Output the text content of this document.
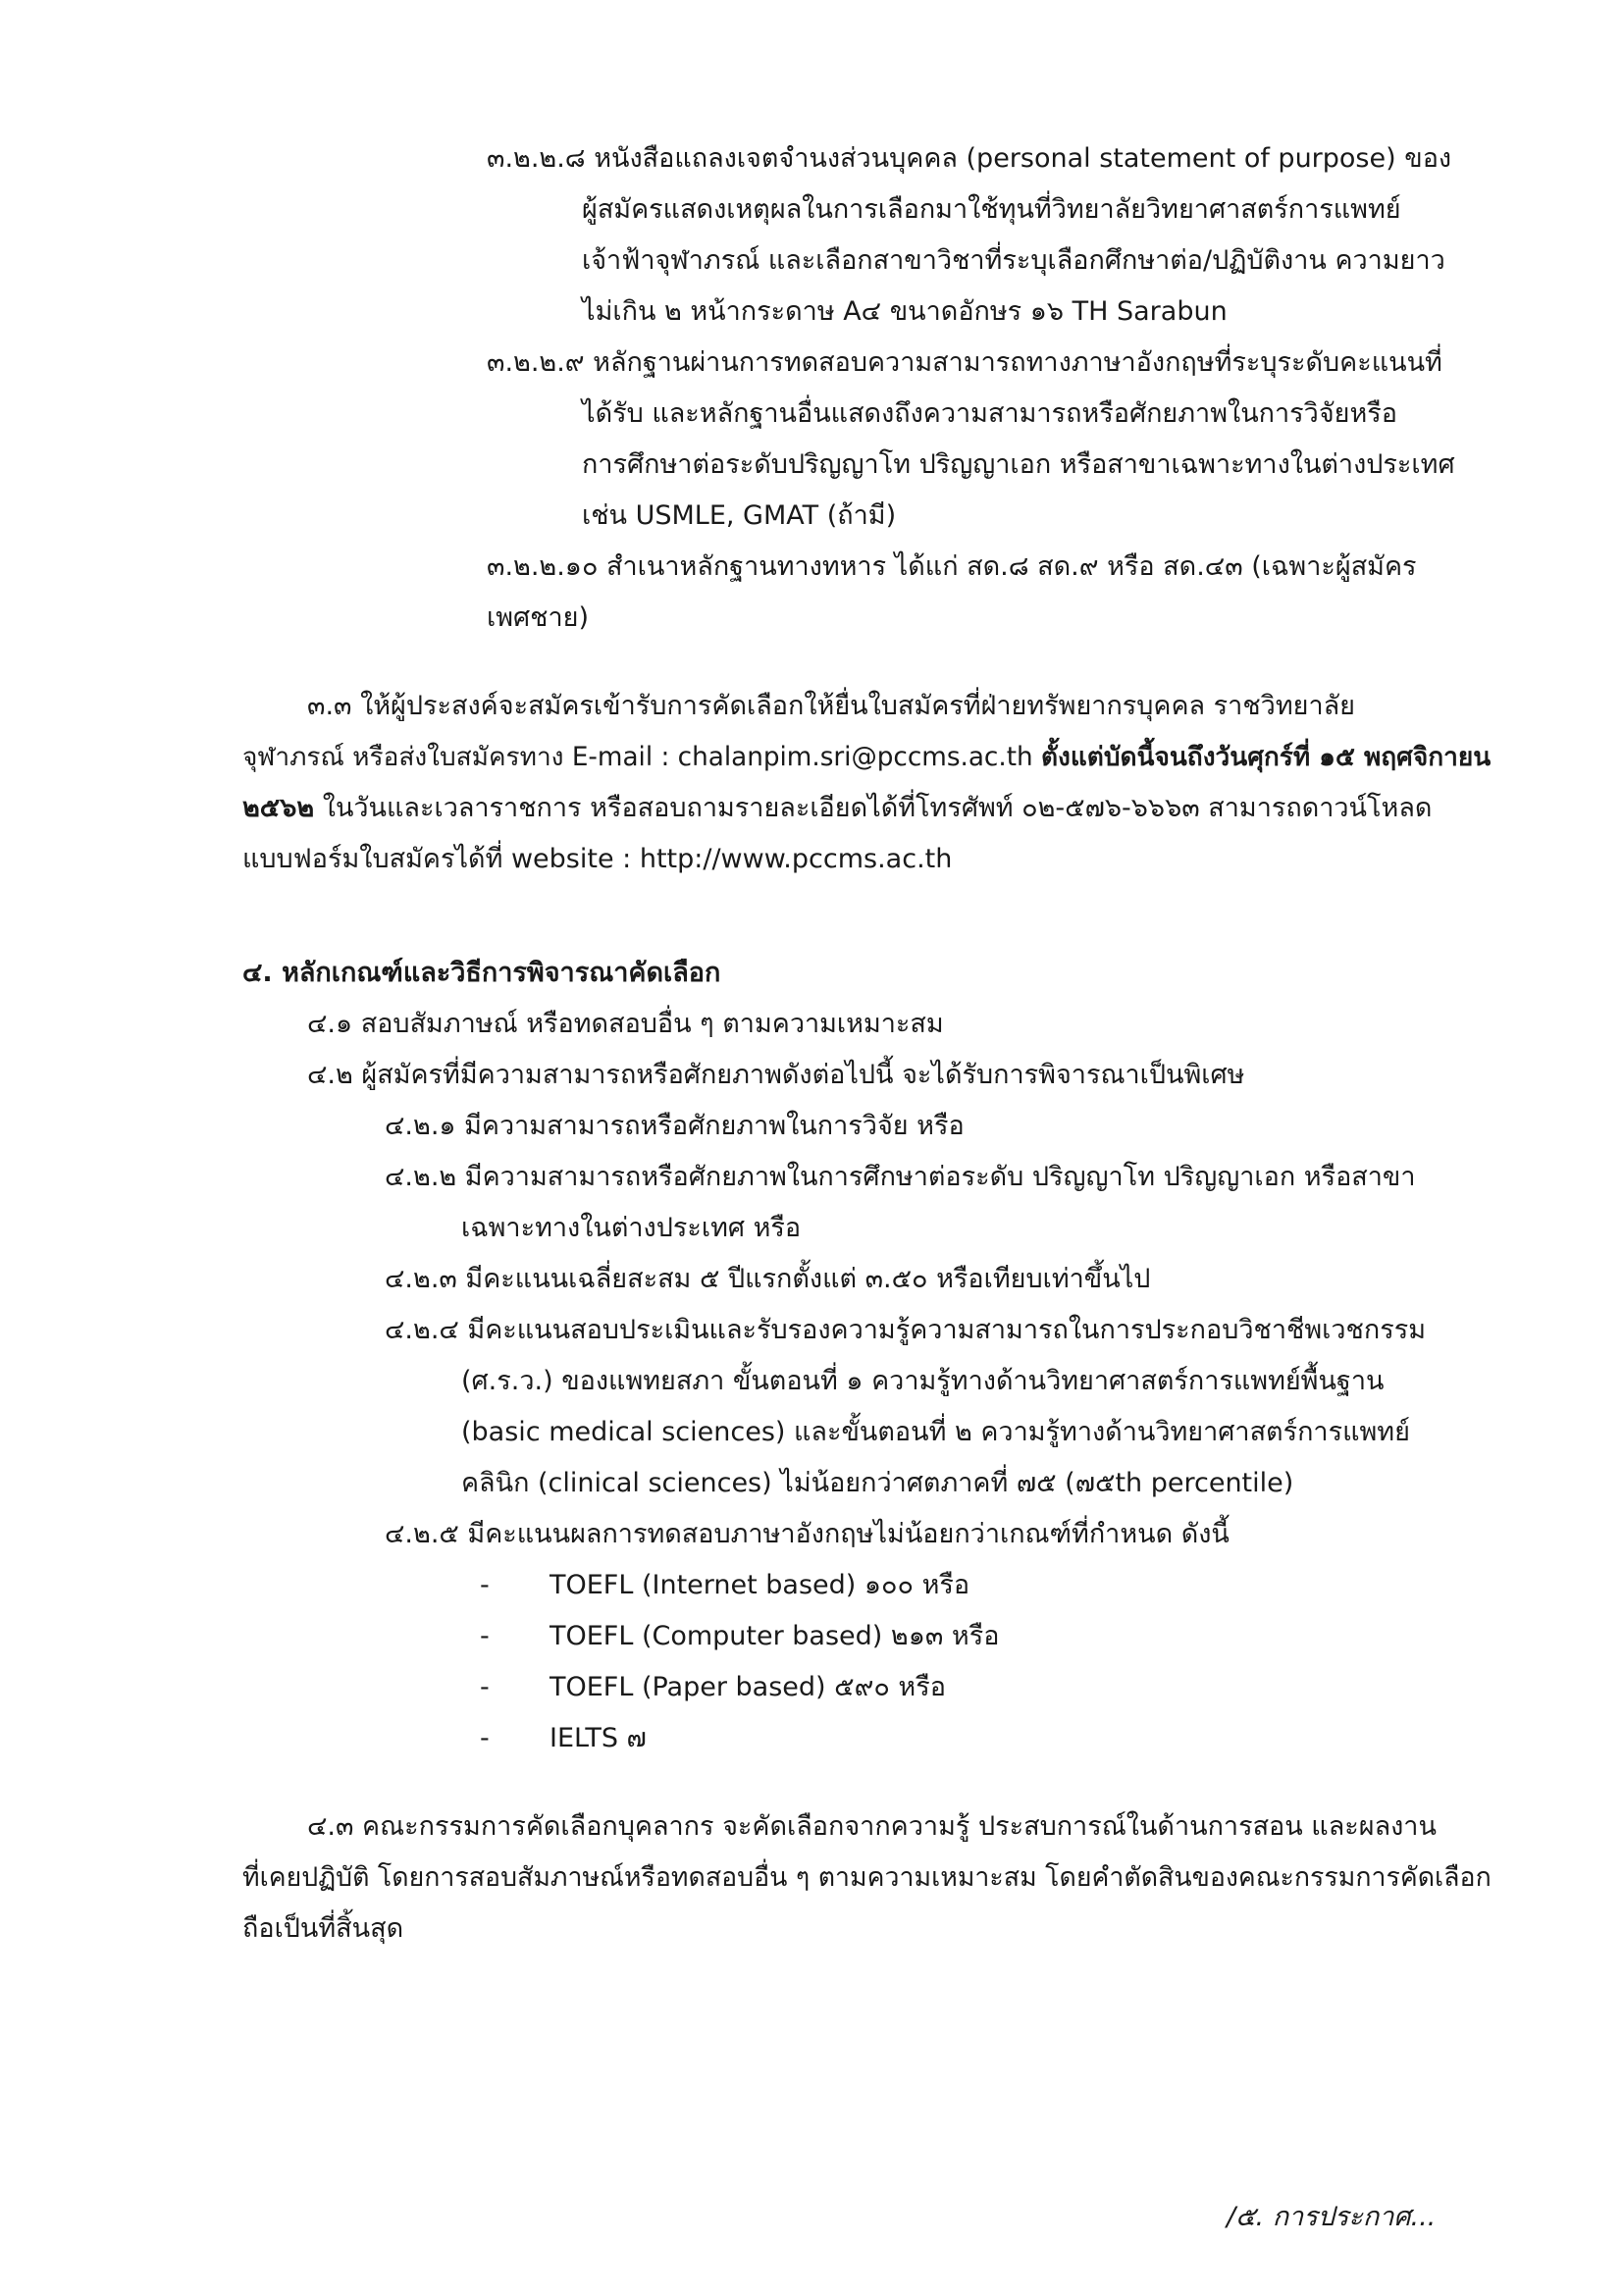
๓.๒.๒.๘ หนังสือแถลงเจตจำนงส่วนบุคคล (personal statement of purpose) ของ
ผู้สมัครแสดงเหตุผลในการเลือกมาใช้ทุนที่วิทยาลัยวิทยาศาสตร์การแพทย์
เจ้าฟ้าจุฬาภรณ์ และเลือกสาขาวิชาที่ระบุเลือกศึกษาต่อ/ปฏิบัติงาน ความยาว
ไม่เกิน ๒ หน้ากระดาษ A๔ ขนาดอักษร ๑๖ TH Sarabun
๓.๒.๒.๙ หลักฐานผ่านการทดสอบความสามารถทางภาษาอังกฤษที่ระบุระดับคะแนนที่
ได้รับ และหลักฐานอื่นแสดงถึงความสามารถหรือศักยภาพในการวิจัยหรือ
การศึกษาต่อระดับปริญญาโท ปริญญาเอก หรือสาขาเฉพาะทางในต่างประเทศ
เช่น USMLE, GMAT (ถ้ามี)
๓.๒.๒.๑๐ สำเนาหลักฐานทางทหาร ได้แก่ สด.๘ สด.๙ หรือ สด.๔๓ (เฉพาะผู้สมัคร
เพศชาย)
๓.๓ ให้ผู้ประสงค์จะสมัครเข้ารับการคัดเลือกให้ยื่นใบสมัครที่ฝ่ายทรัพยากรบุคคล ราชวิทยาลัย
จุฬาภรณ์ หรือส่งใบสมัครทาง E-mail : chalanpim.sri@pccms.ac.th ตั้งแต่บัดนี้จนถึงวันศุกร์ที่ ๑๕ พฤศจิกายน
๒๕๖๒ ในวันและเวลาราชการ หรือสอบถามรายละเอียดได้ที่โทรศัพท์ ๐๒-๕๗๖-๖๖๖๓ สามารถดาวน์โหลด
แบบฟอร์มใบสมัครได้ที่ website : http://www.pccms.ac.th
๔. หลักเกณฑ์และวิธีการพิจารณาคัดเลือก
๔.๑ สอบสัมภาษณ์ หรือทดสอบอื่น ๆ ตามความเหมาะสม
๔.๒ ผู้สมัครที่มีความสามารถหรือศักยภาพดังต่อไปนี้ จะได้รับการพิจารณาเป็นพิเศษ
๔.๒.๑ มีความสามารถหรือศักยภาพในการวิจัย หรือ
๔.๒.๒ มีความสามารถหรือศักยภาพในการศึกษาต่อระดับ ปริญญาโท ปริญญาเอก หรือสาขา
เฉพาะทางในต่างประเทศ หรือ
๔.๒.๓ มีคะแนนเฉลี่ยสะสม ๕ ปีแรกตั้งแต่ ๓.๕๐ หรือเทียบเท่าขึ้นไป
๔.๒.๔ มีคะแนนสอบประเมินและรับรองความรู้ความสามารถในการประกอบวิชาชีพเวชกรรม
(ศ.ร.ว.) ของแพทยสภา ขั้นตอนที่ ๑ ความรู้ทางด้านวิทยาศาสตร์การแพทย์พื้นฐาน
(basic medical sciences) และขั้นตอนที่ ๒ ความรู้ทางด้านวิทยาศาสตร์การแพทย์
คลินิก (clinical sciences) ไม่น้อยกว่าศตภาคที่ ๗๕ (๗๕th percentile)
๔.๒.๕ มีคะแนนผลการทดสอบภาษาอังกฤษไม่น้อยกว่าเกณฑ์ที่กำหนด ดังนี้
- TOEFL (Internet based) ๑๐๐ หรือ
- TOEFL (Computer based) ๒๑๓ หรือ
- TOEFL (Paper based) ๕๙๐ หรือ
- IELTS ๗
๔.๓ คณะกรรมการคัดเลือกบุคลากร จะคัดเลือกจากความรู้ ประสบการณ์ในด้านการสอน และผลงาน
ที่เคยปฏิบัติ โดยการสอบสัมภาษณ์หรือทดสอบอื่น ๆ ตามความเหมาะสม โดยคำตัดสินของคณะกรรมการคัดเลือก
ถือเป็นที่สิ้นสุด
/๕. การประกาศ...
